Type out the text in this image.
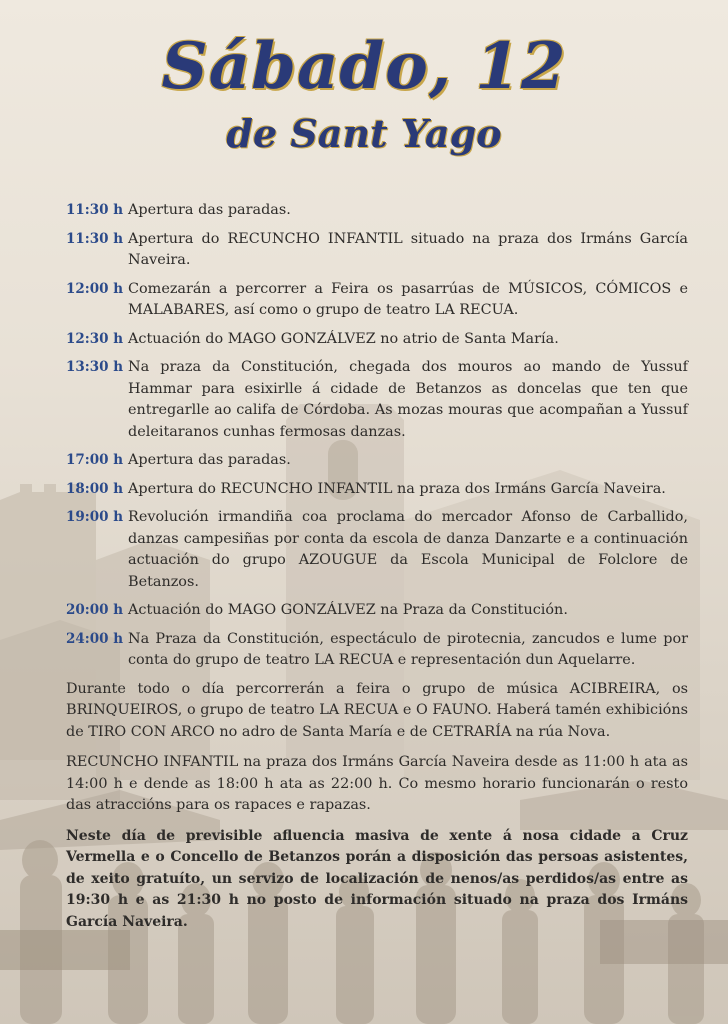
Sábado, 12
de Sant Yago
11:30 h Apertura das paradas.
11:30 h Apertura do RECUNCHO INFANTIL situado na praza dos Irmáns García Naveira.
12:00 h Comezarán a percorrer a Feira os pasarrúas de MÚSICOS, CÓMICOS e MALABARES, así como o grupo de teatro LA RECUA.
12:30 h Actuación do MAGO GONZÁLVEZ no atrio de Santa María.
13:30 h Na praza da Constitución, chegada dos mouros ao mando de Yussuf Hammar para esixirlle á cidade de Betanzos as doncelas que ten que entregarlle ao califa de Córdoba. As mozas mouras que acompañan a Yussuf deleitaranos cunhas fermosas danzas.
17:00 h Apertura das paradas.
18:00 h Apertura do RECUNCHO INFANTIL na praza dos Irmáns García Naveira.
19:00 h Revolución irmandiña coa proclama do mercador Afonso de Carballido, danzas campesiñas por conta da escola de danza Danzarte e a continuación actuación do grupo AZOUGUE da Escola Municipal de Folclore de Betanzos.
20:00 h Actuación do MAGO GONZÁLVEZ na Praza da Constitución.
24:00 h Na Praza da Constitución, espectáculo de pirotecnia, zancudos e lume por conta do grupo de teatro LA RECUA e representación dun Aquelarre.

Durante todo o día percorrerán a feira o grupo de música ACIBREIRA, os BRINQUEIROS, o grupo de teatro LA RECUA e O FAUNO. Haberá tamén exhibicións de TIRO CON ARCO no adro de Santa María e de CETRARÍA na rúa Nova.

RECUNCHO INFANTIL na praza dos Irmáns García Naveira desde as 11:00 h ata as 14:00 h e dende as 18:00 h ata as 22:00 h. Co mesmo horario funcionarán o resto das atraccións para os rapaces e rapazas.

Neste día de previsible afluencia masiva de xente á nosa cidade a Cruz Vermella e o Concello de Betanzos porán a disposición das persoas asistentes, de xeito gratuíto, un servizo de localización de nenos/as perdidos/as entre as 19:30 h e as 21:30 h no posto de información situado na praza dos Irmáns García Naveira.
